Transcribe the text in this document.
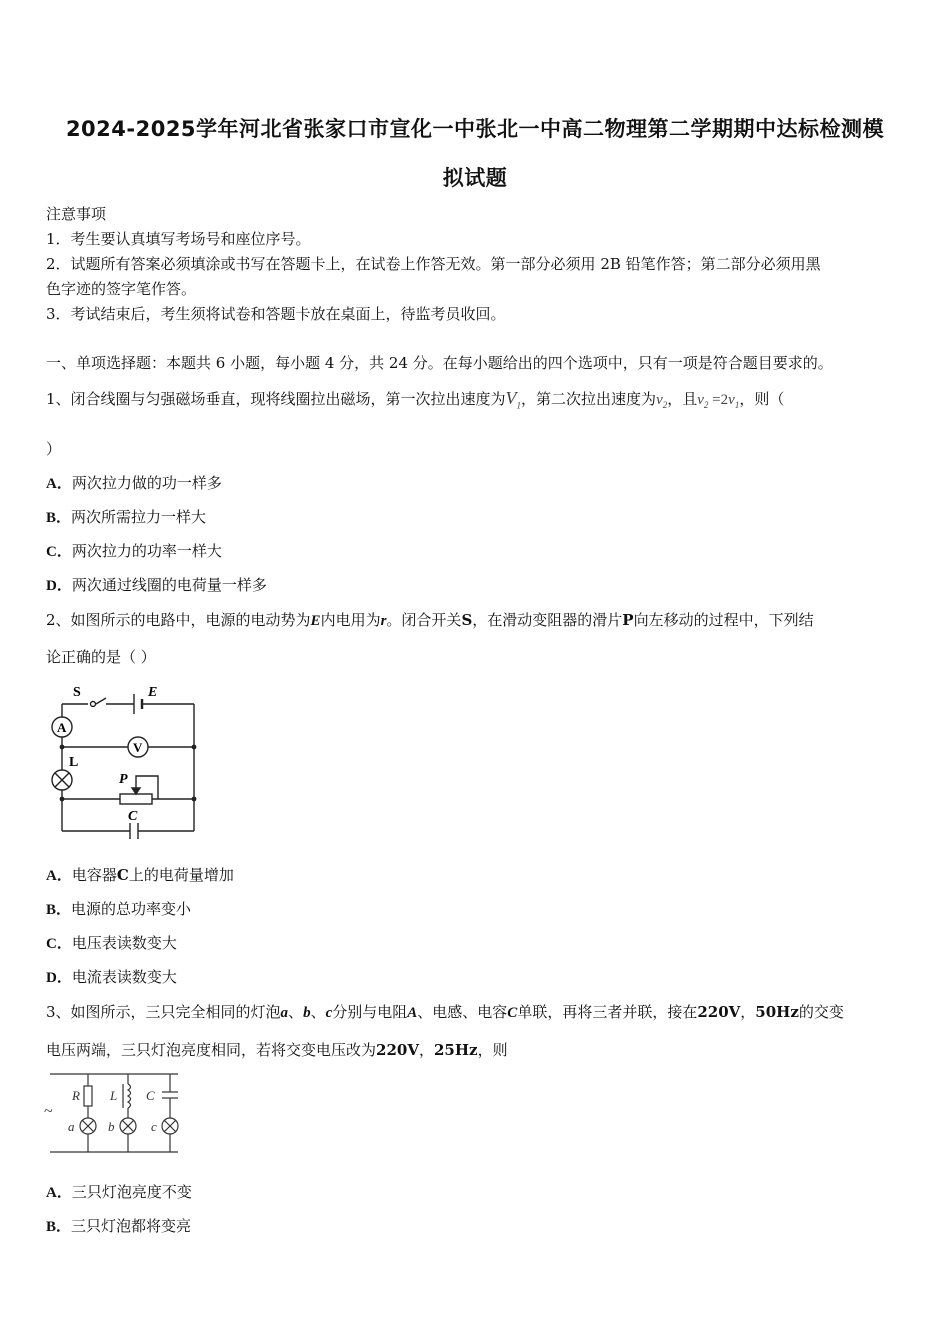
2024-2025学年河北省张家口市宣化一中张北一中高二物理第二学期期中达标检测模
拟试题
注意事项
1．考生要认真填写考场号和座位序号。
2．试题所有答案必须填涂或书写在答题卡上，在试卷上作答无效。第一部分必须用 2B 铅笔作答；第二部分必须用黑
色字迹的签字笔作答。
3．考试结束后，考生须将试卷和答题卡放在桌面上，待监考员收回。
一、单项选择题：本题共 6 小题，每小题 4 分，共 24 分。在每小题给出的四个选项中，只有一项是符合题目要求的。
1、闭合线圈与匀强磁场垂直，现将线圈拉出磁场，第一次拉出速度为$V_1$，第二次拉出速度为$v_2$，且$v_2 =2v_1$，则（
）
A．两次拉力做的功一样多
B．两次所需拉力一样大
C．两次拉力的功率一样大
D．两次通过线圈的电荷量一样多
2、如图所示的电路中，电源的电动势为E内电用为r。闭合开关S，在滑动变阻器的滑片P向左移动的过程中，下列结
论正确的是（ ）
S	E
A
V
L
P
C
A．电容器C上的电荷量增加
B．电源的总功率变小
C．电压表读数变大
D．电流表读数变大
3、如图所示，三只完全相同的灯泡a、b、c分别与电阻A、电感、电容C单联，再将三者并联，接在220V，50Hz的交变
电压两端，三只灯泡亮度相同，若将交变电压改为220V，25Hz，则
~
R L C
a	b	c
A．三只灯泡亮度不变
B．三只灯泡都将变亮
